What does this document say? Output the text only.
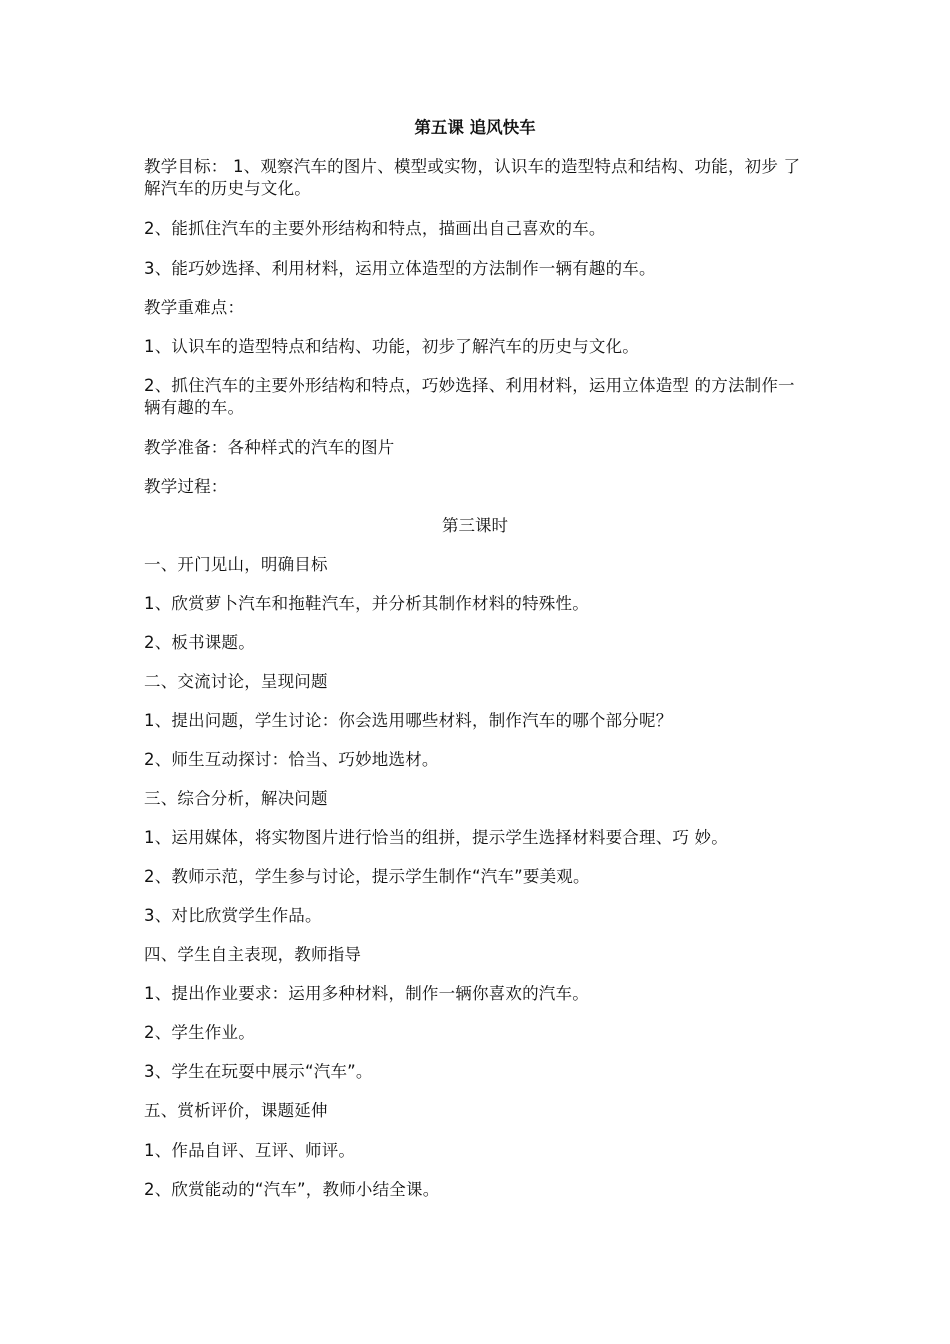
第五课 追风快车
教学目标： 1、观察汽车的图片、模型或实物，认识车的造型特点和结构、功能，初步 了解汽车的历史与文化。
2、能抓住汽车的主要外形结构和特点，描画出自己喜欢的车。
3、能巧妙选择、利用材料，运用立体造型的方法制作一辆有趣的车。
教学重难点：
1、认识车的造型特点和结构、功能，初步了解汽车的历史与文化。
2、抓住汽车的主要外形结构和特点，巧妙选择、利用材料，运用立体造型 的方法制作一辆有趣的车。
教学准备：各种样式的汽车的图片
教学过程：
第三课时
一、开门见山，明确目标
1、欣赏萝卜汽车和拖鞋汽车，并分析其制作材料的特殊性。
2、板书课题。
二、交流讨论，呈现问题
1、提出问题，学生讨论：你会选用哪些材料，制作汽车的哪个部分呢？
2、师生互动探讨：恰当、巧妙地选材。
三、综合分析，解决问题
1、运用媒体，将实物图片进行恰当的组拼，提示学生选择材料要合理、巧 妙。
2、教师示范，学生参与讨论，提示学生制作“汽车”要美观。
3、对比欣赏学生作品。
四、学生自主表现，教师指导
1、提出作业要求：运用多种材料，制作一辆你喜欢的汽车。
2、学生作业。
3、学生在玩耍中展示“汽车”。
五、赏析评价，课题延伸
1、作品自评、互评、师评。
2、欣赏能动的“汽车”，教师小结全课。
